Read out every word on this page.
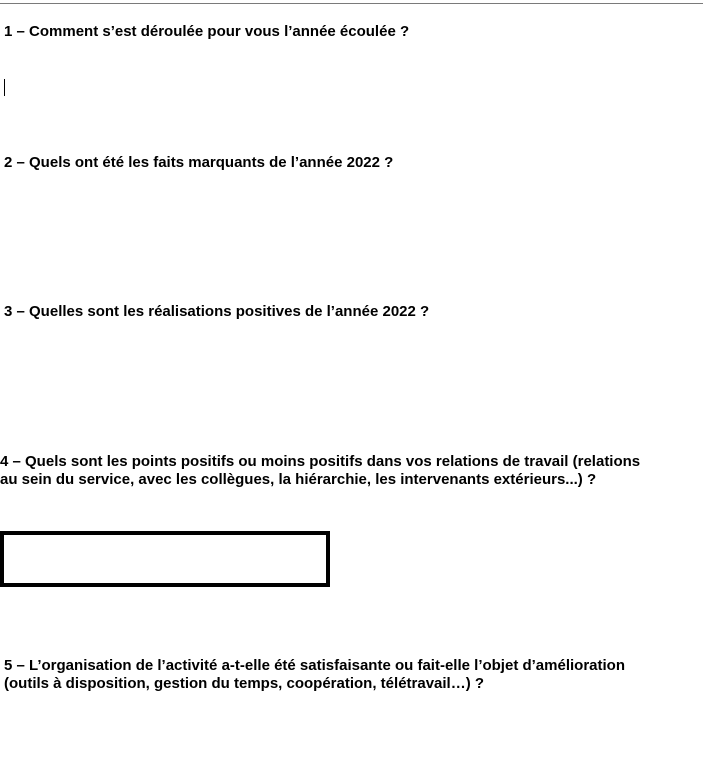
1 – Comment s’est déroulée pour vous l’année écoulée ?

2 – Quels ont été les faits marquants de l’année 2022 ?

3 – Quelles sont les réalisations positives de l’année 2022 ?

4 – Quels sont les points positifs ou moins positifs dans vos relations de travail (relations
au sein du service, avec les collègues, la hiérarchie, les intervenants extérieurs...) ?

5 – L’organisation de l’activité a-t-elle été satisfaisante ou fait-elle l’objet d’amélioration
(outils à disposition, gestion du temps, coopération, télétravail…) ?
